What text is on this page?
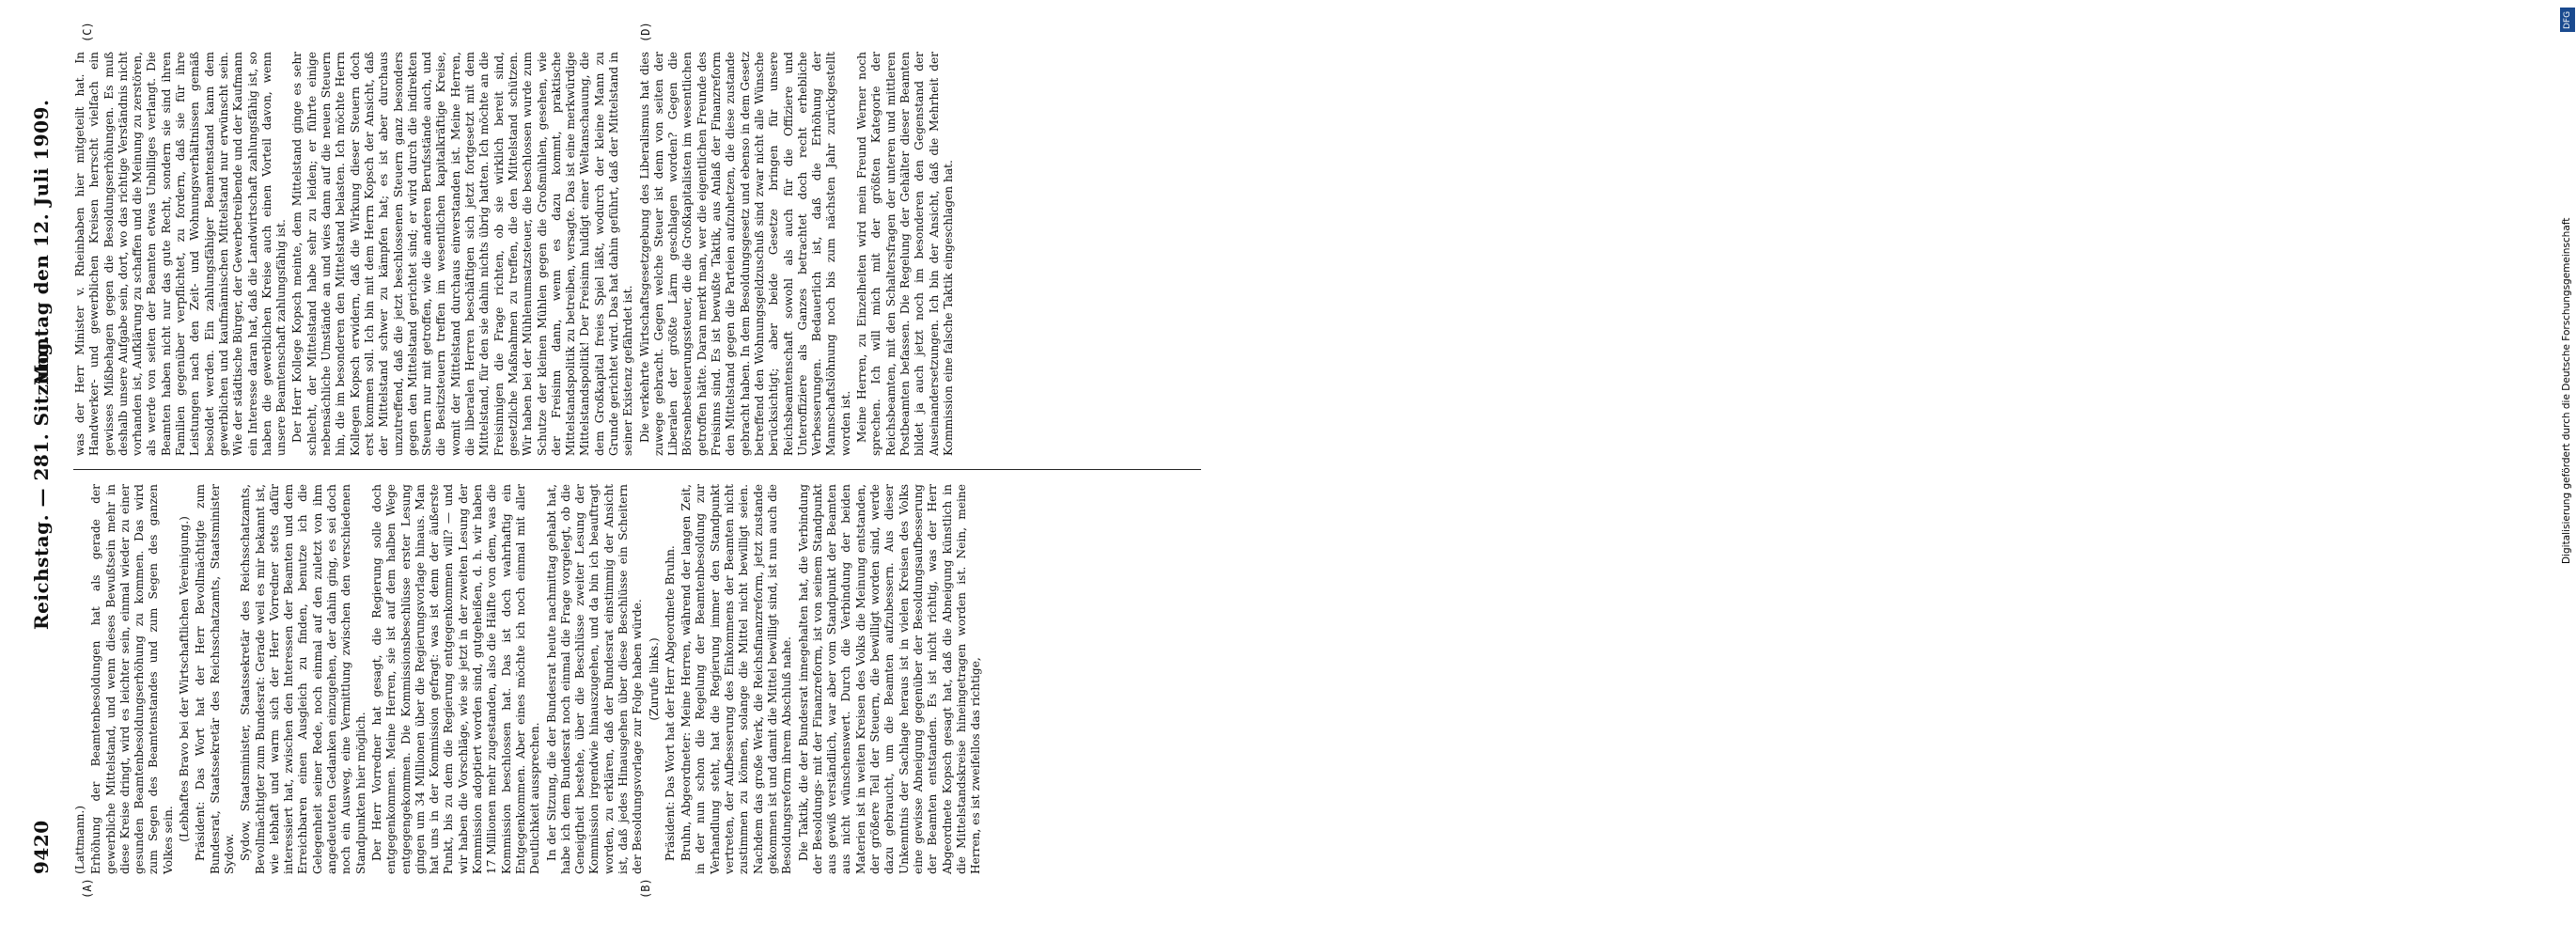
9420
Reichstag. — 281. Sitzung.
Montag den 12. Juli 1909.
(A)	(B)
(C)	(D)

(Lattmann.) Erhöhung der Beamtenbesoldungen hat als gerade der gewerbliche Mittelstand, und wenn dieses Bewußtsein mehr in diese Kreise dringt, wird es leichter sein, einmal wieder zu einer gesunden Beamtenbesoldungserhöhung zu kommen. Das wird zum Segen des Beamtenstandes und zum Segen des ganzen Volkes sein. (Lebhaftes Bravo bei der Wirtschaftlichen Vereinigung.) Präsident: Das Wort hat der Herr Bevollmächtigte zum Bundesrat, Staatssekretär des Reichsschatzamts, Staatsminister Sydow. Sydow, Staatsminister, Staatssekretär des Reichsschatzamts, Bevollmächtigter zum Bundesrat: Gerade weil es mir bekannt ist, wie lebhaft und warm sich der Herr Vorredner stets dafür interessiert hat, zwischen den Interessen der Beamten und dem Erreichbaren einen Ausgleich zu finden, benutze ich die Gelegenheit seiner Rede, noch einmal auf den zuletzt von ihm angedeuteten Gedanken einzugehen, der dahin ging, es sei doch noch ein Ausweg, eine Vermittlung zwischen den verschiedenen Standpunkten hier möglich. Der Herr Vorredner hat gesagt, die Regierung solle doch entgegenkommen. Meine Herren, sie ist auf dem halben Wege entgegengekommen. Die Kommissionsbeschlüsse erster Lesung gingen um 34 Millionen über die Regierungsvorlage hinaus. Man hat uns in der Kommission gefragt: was ist denn der äußerste Punkt, bis zu dem die Regierung entgegenkommen will? — und wir haben die Vorschläge, wie sie jetzt in der zweiten Lesung der Kommission adoptiert worden sind, gutgeheißen, d. h. wir haben 17 Millionen mehr zugestanden, also die Hälfte von dem, was die Kommission beschlossen hat. Das ist doch wahrhaftig ein Entgegenkommen. Aber eines möchte ich noch einmal mit aller Deutlichkeit aussprechen. In der Sitzung, die der Bundesrat heute nachmittag gehabt hat, habe ich dem Bundesrat noch einmal die Frage vorgelegt, ob die Geneigtheit bestehe, über die Beschlüsse zweiter Lesung der Kommission irgendwie hinauszugehen, und da bin ich beauftragt worden, zu erklären, daß der Bundesrat einstimmig der Ansicht ist, daß jedes Hinausgehen über diese Beschlüsse ein Scheitern der Besoldungsvorlage zur Folge haben würde. (Zurufe links.) Präsident: Das Wort hat der Herr Abgeordnete Bruhn. Bruhn, Abgeordneter: Meine Herren, während der langen Zeit, in der nun schon die Regelung der Beamtenbesoldung zur Verhandlung steht, hat die Regierung immer den Standpunkt vertreten, der Aufbesserung des Einkommens der Beamten nicht zustimmen zu können, solange die Mittel nicht bewilligt seien. Nachdem das große Werk, die Reichsfinanzreform, jetzt zustande gekommen ist und damit die Mittel bewilligt sind, ist nun auch die Besoldungsreform ihrem Abschluß nahe. Die Taktik, die der Bundesrat innegehalten hat, die Verbindung der Besoldungs- mit der Finanzreform, ist von seinem Standpunkt aus gewiß verständlich, war aber vom Standpunkt der Beamten aus nicht wünschenswert. Durch die Verbindung der beiden Materien ist in weiten Kreisen des Volks die Meinung entstanden, der größere Teil der Steuern, die bewilligt worden sind, werde dazu gebraucht, um die Beamten aufzubessern. Aus dieser Unkenntnis der Sachlage heraus ist in vielen Kreisen des Volks eine gewisse Abneigung gegenüber der Besoldungsaufbesserung der Beamten entstanden. Es ist nicht richtig, was der Herr Abgeordnete Kopsch gesagt hat, daß die Abneigung künstlich in die Mittelstandskreise hineingetragen worden ist. Nein, meine Herren, es ist zweifellos das richtige,

was der Herr Minister v. Rheinbaben hier mitgeteilt hat. In Handwerker- und gewerblichen Kreisen herrscht vielfach ein gewisses Mißbehagen gegen die Besoldungserhöhungen. Es muß deshalb unsere Aufgabe sein, dort, wo das richtige Verständnis nicht vorhanden ist, Aufklärung zu schaffen und die Meinung zu zerstören, als werde von seiten der Beamten etwas Unbilliges verlangt. Die Beamten haben nicht nur das gute Recht, sondern sie sind ihren Familien gegenüber verpflichtet, zu fordern, daß sie für ihre Leistungen nach den Zeit- und Wohnungsverhältnissen gemäß besoldet werden. Ein zahlungsfähiger Beamtenstand kann dem gewerblichen und kaufmännischen Mittelstand nur erwünscht sein. Wie der städtische Bürger, der Gewerbetreibende und der Kaufmann ein Interesse daran hat, daß die Landwirtschaft zahlungsfähig ist, so haben die gewerblichen Kreise auch einen Vorteil davon, wenn unsere Beamtenschaft zahlungsfähig ist. Der Herr Kollege Kopsch meinte, dem Mittelstand ginge es sehr schlecht, der Mittelstand habe sehr zu leiden; er führte einige nebensächliche Umstände an und wies dann auf die neuen Steuern hin, die im besonderen den Mittelstand belasten. Ich möchte Herrn Kollegen Kopsch erwidern, daß die Wirkung dieser Steuern doch erst kommen soll. Ich bin mit dem Herrn Kopsch der Ansicht, daß der Mittelstand schwer zu kämpfen hat; es ist aber durchaus unzutreffend, daß die jetzt beschlossenen Steuern ganz besonders gegen den Mittelstand gerichtet sind; er wird durch die indirekten Steuern nur mit getroffen, wie die anderen Berufsstände auch, und die Besitzsteuern treffen im wesentlichen kapitalkräftige Kreise, womit der Mittelstand durchaus einverstanden ist. Meine Herren, die liberalen Herren beschäftigen sich jetzt fortgesetzt mit dem Mittelstand, für den sie dahin nichts übrig hatten. Ich möchte an die Freisinnigen die Frage richten, ob sie wirklich bereit sind, gesetzliche Maßnahmen zu treffen, die den Mittelstand schützen. Wir haben bei der Mühlenumsatzsteuer, die beschlossen wurde zum Schutze der kleinen Mühlen gegen die Großmühlen, gesehen, wie der Freisinn dann, wenn es dazu kommt, praktische Mittelstandspolitik zu betreiben, versagte. Das ist eine merkwürdige Mittelstandspolitik! Der Freisinn huldigt einer Weltanschauung, die dem Großkapital freies Spiel läßt, wodurch der kleine Mann zu Grunde gerichtet wird. Das hat dahin geführt, daß der Mittelstand in seiner Existenz gefährdet ist. Die verkehrte Wirtschaftsgesetzgebung des Liberalismus hat dies zuwege gebracht. Gegen welche Steuer ist denn von seiten der Liberalen der größte Lärm geschlagen worden? Gegen die Börsenbesteuerungssteuer, die die Großkapitalisten im wesentlichen getroffen hätte. Daran merkt man, wer die eigentlichen Freunde des Freisinns sind. Es ist bewußte Taktik, aus Anlaß der Finanzreform den Mittelstand gegen die Parteien aufzuhetzen, die diese zustande gebracht haben. In dem Besoldungsgesetz und ebenso in dem Gesetz betreffend den Wohnungsgeldzuschuß sind zwar nicht alle Wünsche berücksichtigt; aber beide Gesetze bringen für unsere Reichsbeamtenschaft sowohl als auch für die Offiziere und Unteroffiziere als Ganzes betrachtet doch recht erhebliche Verbesserungen. Bedauerlich ist, daß die Erhöhung der Mannschaftslöhnung noch bis zum nächsten Jahr zurückgestellt worden ist. Meine Herren, zu Einzelheiten wird mein Freund Werner noch sprechen. Ich will mich mit der größten Kategorie der Reichsbeamten, mit den Schaltersfragen der unteren und mittleren Postbeamten befassen. Die Regelung der Gehälter dieser Beamten bildet ja auch jetzt noch im besonderen den Gegenstand der Auseinandersetzungen. Ich bin der Ansicht, daß die Mehrheit der Kommission eine falsche Taktik eingeschlagen hat.

DFG
Digitalisierung gefördert durch die Deutsche Forschungsgemeinschaft
